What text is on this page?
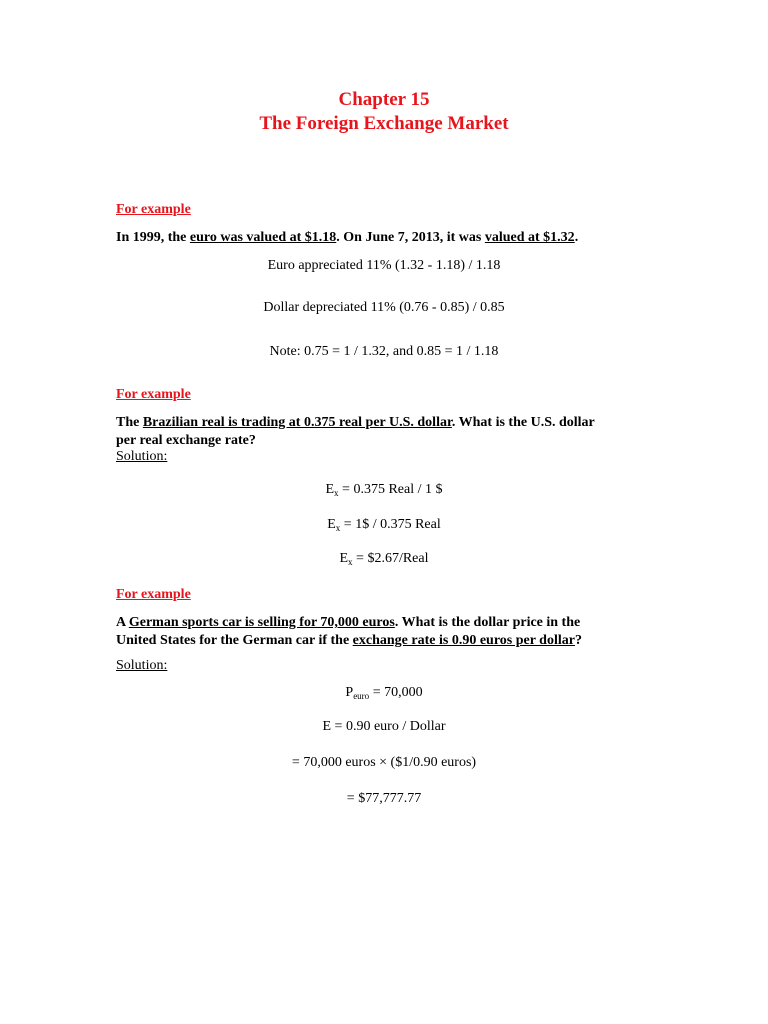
Chapter 15
The Foreign Exchange Market
For example
In 1999, the euro was valued at $1.18. On June 7, 2013, it was valued at $1.32.
Euro appreciated 11% (1.32 - 1.18) / 1.18
Dollar depreciated 11% (0.76 - 0.85) / 0.85
Note: 0.75 = 1 / 1.32, and 0.85 = 1 / 1.18
For example
The Brazilian real is trading at 0.375 real per U.S. dollar. What is the U.S. dollar
per real exchange rate?
Solution:
$E_x = 0.375$ Real / 1 $
$E_x$ = 1$ / 0.375 Real
$E_x$ = $2.67/Real
For example
A German sports car is selling for 70,000 euros. What is the dollar price in the
United States for the German car if the exchange rate is 0.90 euros per dollar?
Solution:
$P_{euro} = 70,000$
E = 0.90 euro / Dollar
= 70,000 euros × ($1/0.90 euros)
= $77,777.77
